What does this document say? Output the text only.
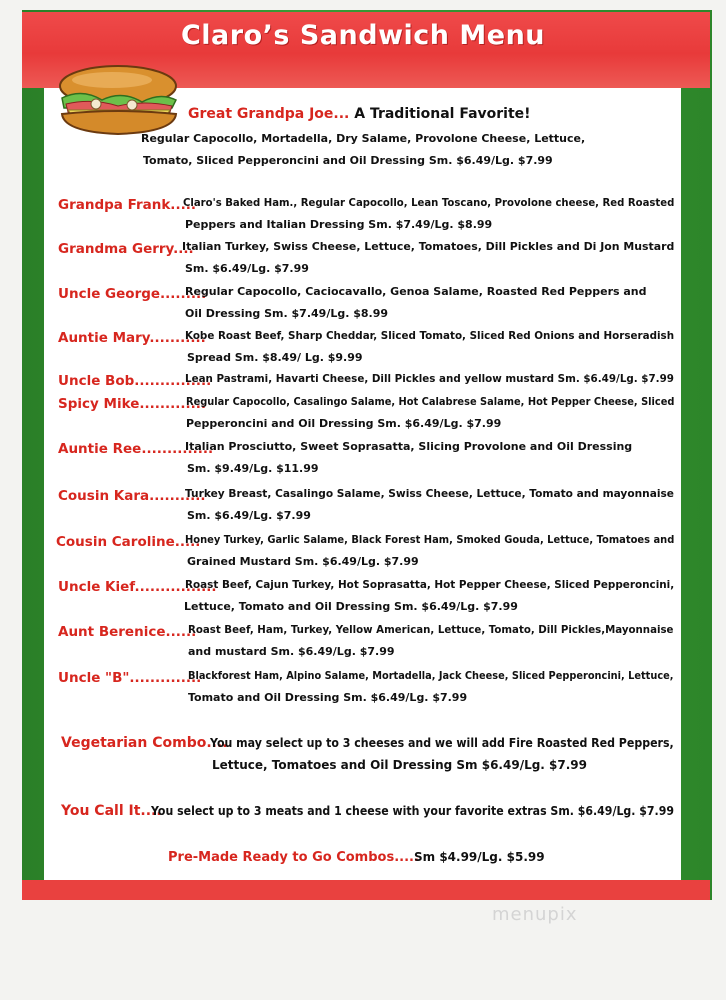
Claro’s Sandwich Menu
Great Grandpa Joe... A Traditional Favorite!
Regular Capocollo, Mortadella, Dry Salame, Provolone Cheese, Lettuce,
Tomato, Sliced Pepperoncini and Oil Dressing Sm. $6.49/Lg. $7.99
Grandpa Frank.....
Claro's Baked Ham., Regular Capocollo, Lean Toscano, Provolone cheese, Red Roasted
Peppers and Italian Dressing Sm. $7.49/Lg. $8.99
Grandma Gerry....
Italian Turkey, Swiss Cheese, Lettuce, Tomatoes, Dill Pickles and Di Jon Mustard
Sm. $6.49/Lg. $7.99
Uncle George.........
Regular Capocollo, Caciocavallo, Genoa Salame, Roasted Red Peppers and
Oil Dressing Sm. $7.49/Lg. $8.99
Auntie Mary...........
Kobe Roast Beef, Sharp Cheddar, Sliced Tomato, Sliced Red Onions and Horseradish
Spread Sm. $8.49/ Lg. $9.99
Uncle Bob...............
Lean Pastrami, Havarti Cheese, Dill Pickles and yellow mustard Sm. $6.49/Lg. $7.99
Spicy Mike.............
Regular Capocollo, Casalingo Salame, Hot Calabrese Salame, Hot Pepper Cheese, Sliced
Pepperoncini and Oil Dressing Sm. $6.49/Lg. $7.99
Auntie Ree..............
Italian Prosciutto, Sweet Soprasatta, Slicing Provolone and Oil Dressing
Sm. $9.49/Lg. $11.99
Cousin Kara...........
Turkey Breast, Casalingo Salame, Swiss Cheese, Lettuce, Tomato and mayonnaise
Sm. $6.49/Lg. $7.99
Cousin Caroline.....
Honey Turkey, Garlic Salame, Black Forest Ham, Smoked Gouda, Lettuce, Tomatoes and
Grained Mustard Sm. $6.49/Lg. $7.99
Uncle Kief................
Roast Beef, Cajun Turkey, Hot Soprasatta, Hot Pepper Cheese, Sliced Pepperoncini,
Lettuce, Tomato and Oil Dressing Sm. $6.49/Lg. $7.99
Aunt Berenice......
Roast Beef, Ham, Turkey, Yellow American, Lettuce, Tomato, Dill Pickles,Mayonnaise
and mustard Sm. $6.49/Lg. $7.99
Uncle "B"..............
Blackforest Ham, Alpino Salame, Mortadella, Jack Cheese, Sliced Pepperoncini, Lettuce,
Tomato and Oil Dressing Sm. $6.49/Lg. $7.99
Vegetarian Combo....
You may select up to 3 cheeses and we will add Fire Roasted Red Peppers,
Lettuce, Tomatoes and Oil Dressing Sm $6.49/Lg. $7.99
You Call It....
You select up to 3 meats and 1 cheese with your favorite extras Sm. $6.49/Lg. $7.99
Pre-Made Ready to Go Combos.....
Sm $4.99/Lg. $5.99
menupix
